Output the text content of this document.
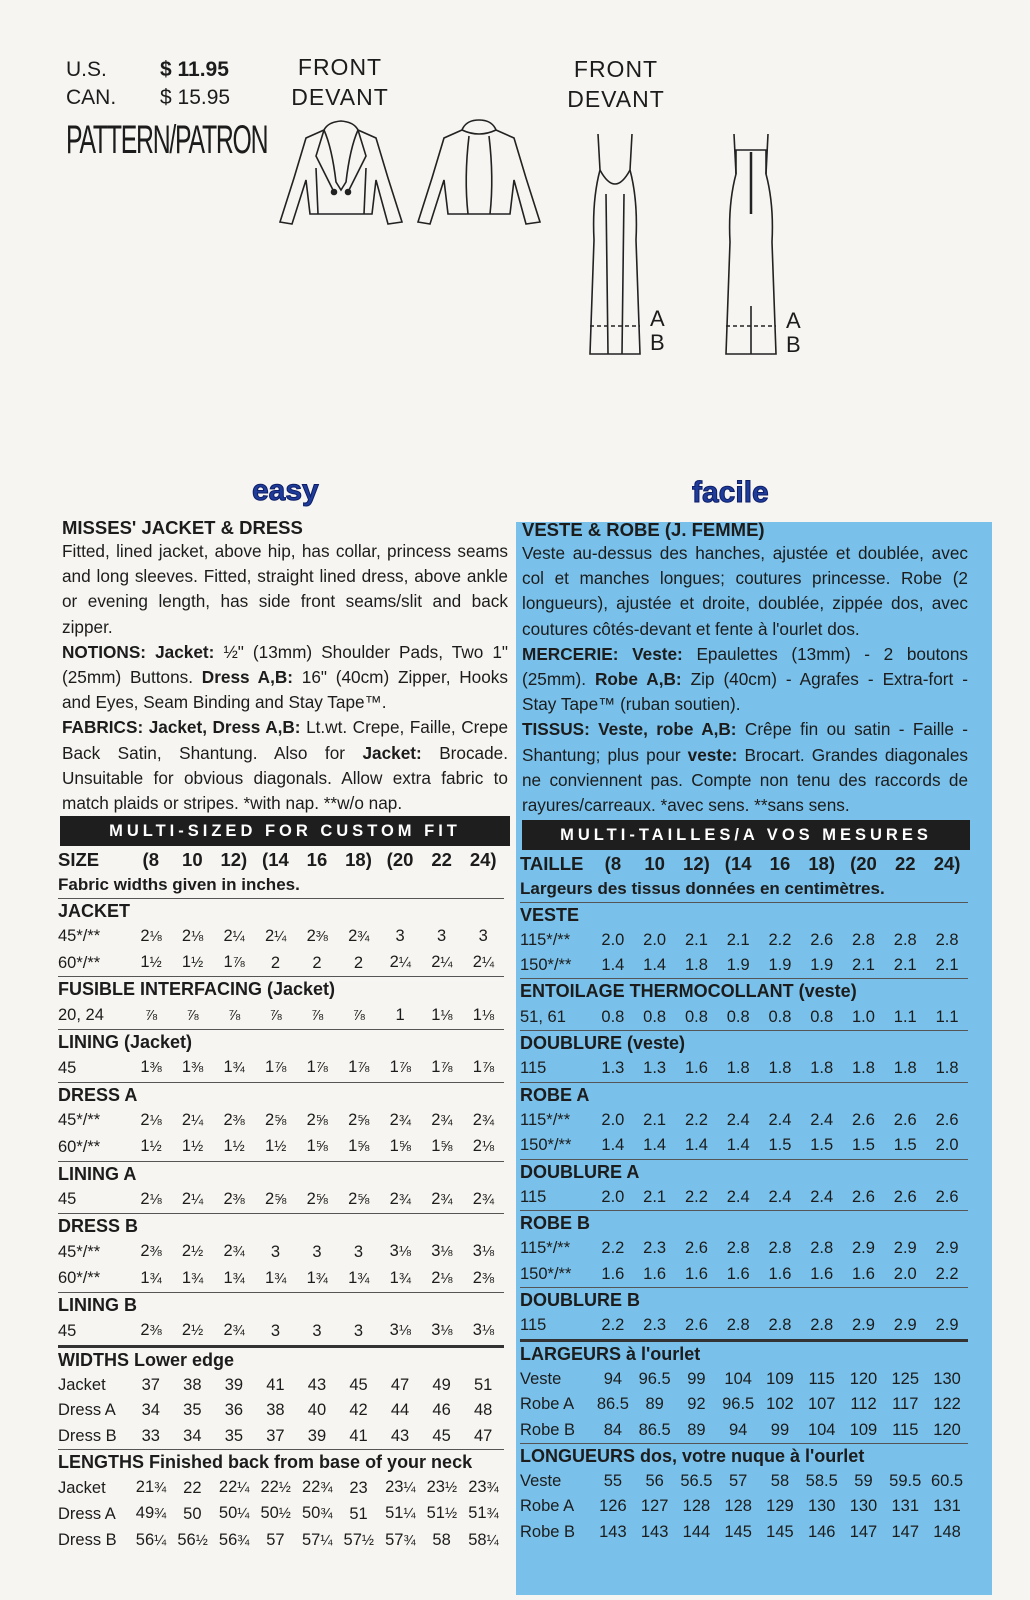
U.S.	$ 11.95
CAN. $ 15.95
PATTERN/PATRON
FRONT
DEVANT
FRONT
DEVANT
A
B
A
B
easy	facile
MISSES' JACKET & DRESS
Fitted, lined jacket, above hip, has collar, princess seams and long sleeves. Fitted, straight lined dress, above ankle or evening length, has side front seams/slit and back zipper.
NOTIONS: Jacket: ½" (13mm) Shoulder Pads, Two 1" (25mm) Buttons. Dress A,B: 16" (40cm) Zipper, Hooks and Eyes, Seam Binding and Stay Tape™.
FABRICS: Jacket, Dress A,B: Lt.wt. Crepe, Faille, Crepe Back Satin, Shantung. Also for Jacket: Brocade. Unsuitable for obvious diagonals. Allow extra fabric to match plaids or stripes. *with nap. **w/o nap.
MULTI-SIZED FOR CUSTOM FIT
SIZE	(8	10	12)	(14	16	18)	(20	22	24)
Fabric widths given in inches.									
JACKET									
45*/**	2⅛	2⅛	2¼	2¼	2⅜	2¾	3	3	3
60*/**	1½	1½	1⅞	2	2	2	2¼	2¼	2¼
FUSIBLE INTERFACING (Jacket)									
20, 24	⅞	⅞	⅞	⅞	⅞	⅞	1	1⅛	1⅛
LINING (Jacket)									
45	1⅜	1⅜	1¾	1⅞	1⅞	1⅞	1⅞	1⅞	1⅞
DRESS A									
45*/**	2⅛	2¼	2⅜	2⅝	2⅝	2⅝	2¾	2¾	2¾
60*/**	1½	1½	1½	1½	1⅝	1⅝	1⅝	1⅝	2⅛
LINING A									
45	2⅛	2¼	2⅜	2⅝	2⅝	2⅝	2¾	2¾	2¾
DRESS B									
45*/**	2⅜	2½	2¾	3	3	3	3⅛	3⅛	3⅛
60*/**	1¾	1¾	1¾	1¾	1¾	1¾	1¾	2⅛	2⅜
LINING B									
45	2⅜	2½	2¾	3	3	3	3⅛	3⅛	3⅛
WIDTHS Lower edge									
Jacket	37	38	39	41	43	45	47	49	51
Dress A	34	35	36	38	40	42	44	46	48
Dress B	33	34	35	37	39	41	43	45	47
LENGTHS Finished back from base of your neck									
Jacket	21¾	22	22¼	22½	22¾	23	23¼	23½	23¾
Dress A	49¾	50	50¼	50½	50¾	51	51¼	51½	51¾
Dress B	56¼	56½	56¾	57	57¼	57½	57¾	58	58¼
VESTE & ROBE (J. FEMME)
Veste au-dessus des hanches, ajustée et doublée, avec col et manches longues; coutures princesse. Robe (2 longueurs), ajustée et droite, doublée, zippée dos, avec coutures côtés-devant et fente à l'ourlet dos.
MERCERIE: Veste: Epaulettes (13mm) - 2 boutons (25mm). Robe A,B: Zip (40cm) - Agrafes - Extra-fort - Stay Tape™ (ruban soutien).
TISSUS: Veste, robe A,B: Crêpe fin ou satin - Faille - Shantung; plus pour veste: Brocart. Grandes diagonales ne conviennent pas. Compte non tenu des raccords de rayures/carreaux. *avec sens. **sans sens.
MULTI-TAILLES/A VOS MESURES
TAILLE	(8	10	12)	(14	16	18)	(20	22	24)
Largeurs des tissus données en centimètres.									
VESTE									
115*/**	2.0	2.0	2.1	2.1	2.2	2.6	2.8	2.8	2.8
150*/**	1.4	1.4	1.8	1.9	1.9	1.9	2.1	2.1	2.1
ENTOILAGE THERMOCOLLANT (veste)									
51, 61	0.8	0.8	0.8	0.8	0.8	0.8	1.0	1.1	1.1
DOUBLURE (veste)									
115	1.3	1.3	1.6	1.8	1.8	1.8	1.8	1.8	1.8
ROBE A									
115*/**	2.0	2.1	2.2	2.4	2.4	2.4	2.6	2.6	2.6
150*/**	1.4	1.4	1.4	1.4	1.5	1.5	1.5	1.5	2.0
DOUBLURE A									
115	2.0	2.1	2.2	2.4	2.4	2.4	2.6	2.6	2.6
ROBE B									
115*/**	2.2	2.3	2.6	2.8	2.8	2.8	2.9	2.9	2.9
150*/**	1.6	1.6	1.6	1.6	1.6	1.6	1.6	2.0	2.2
DOUBLURE B									
115	2.2	2.3	2.6	2.8	2.8	2.8	2.9	2.9	2.9
LARGEURS à l'ourlet									
Veste	94	96.5	99	104	109	115	120	125	130
Robe A	86.5	89	92	96.5	102	107	112	117	122
Robe B	84	86.5	89	94	99	104	109	115	120
LONGUEURS dos, votre nuque à l'ourlet									
Veste	55	56	56.5	57	58	58.5	59	59.5	60.5
Robe A	126	127	128	128	129	130	130	131	131
Robe B	143	143	144	145	145	146	147	147	148
